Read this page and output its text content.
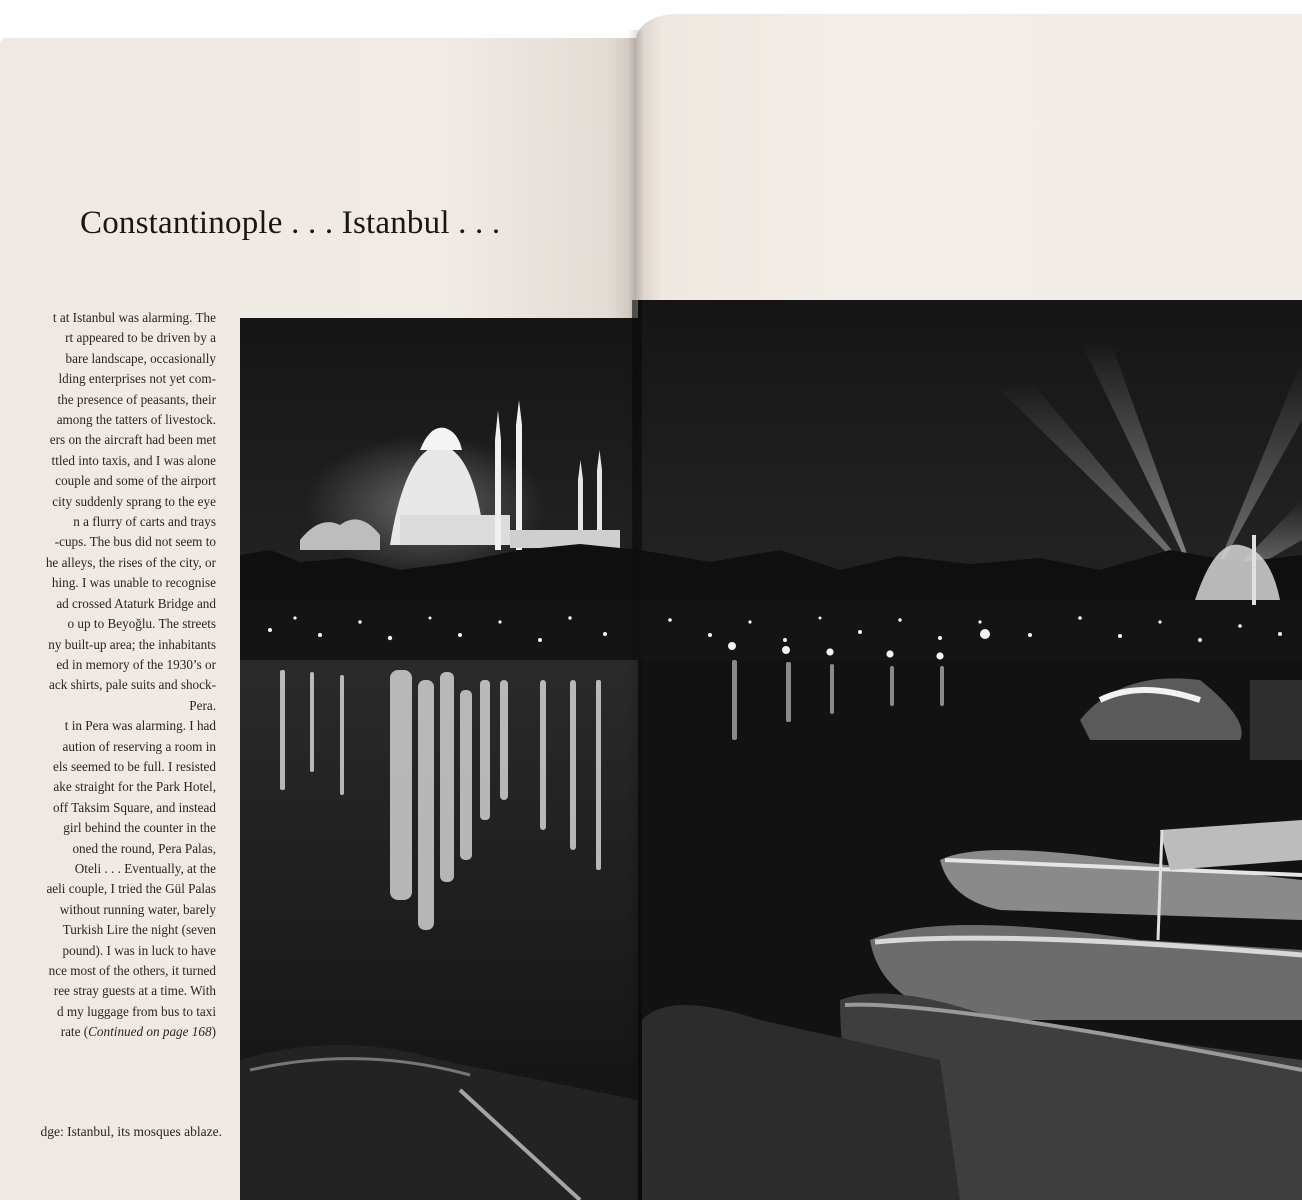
Constantinople . . . Istanbul . . .
t at Istanbul was alarming. The
rt appeared to be driven by a
bare landscape, occasionally
lding enterprises not yet com-
the presence of peasants, their
among the tatters of livestock.
ers on the aircraft had been met
ttled into taxis, and I was alone
couple and some of the airport
city suddenly sprang to the eye
n a flurry of carts and trays
-cups. The bus did not seem to
he alleys, the rises of the city, or
hing. I was unable to recognise
ad crossed Ataturk Bridge and
o up to Beyoğlu. The streets
ny built-up area; the inhabitants
ed in memory of the 1930’s or
ack shirts, pale suits and shock-
Pera.
t in Pera was alarming. I had
aution of reserving a room in
els seemed to be full. I resisted
ake straight for the Park Hotel,
off Taksim Square, and instead
girl behind the counter in the
oned the round, Pera Palas,
Oteli . . . Eventually, at the
aeli couple, I tried the Gül Palas
without running water, barely
Turkish Lire the night (seven
pound). I was in luck to have
nce most of the others, it turned
ree stray guests at a time. With
d my luggage from bus to taxi
rate (Continued on page 168)
dge: Istanbul, its mosques ablaze.
